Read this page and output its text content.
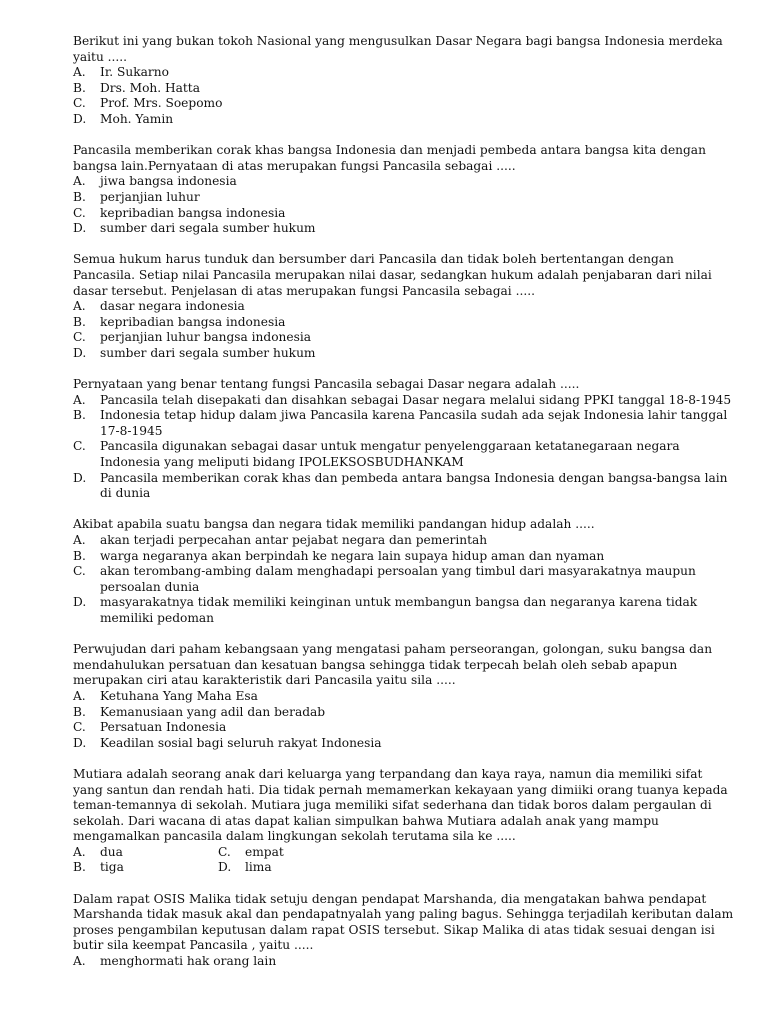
Berikut ini yang bukan tokoh Nasional yang mengusulkan Dasar Negara bagi bangsa Indonesia merdeka yaitu .....

A.	Ir. Sukarno
B.	Drs. Moh. Hatta
C.	Prof. Mrs. Soepomo
D.	Moh. Yamin

Pancasila memberikan corak khas bangsa Indonesia dan menjadi pembeda antara bangsa kita dengan bangsa lain.Pernyataan di atas merupakan fungsi Pancasila sebagai .....

A.	jiwa bangsa indonesia
B.	perjanjian luhur
C.	kepribadian bangsa indonesia
D.	sumber dari segala sumber hukum

Semua hukum harus tunduk dan bersumber dari Pancasila dan tidak boleh bertentangan dengan Pancasila. Setiap nilai Pancasila merupakan nilai dasar, sedangkan hukum adalah penjabaran dari nilai dasar tersebut. Penjelasan di atas merupakan fungsi Pancasila sebagai .....

A.	dasar negara indonesia
B.	kepribadian bangsa indonesia
C.	perjanjian luhur bangsa indonesia
D.	sumber dari segala sumber hukum

Pernyataan yang benar tentang fungsi Pancasila sebagai Dasar negara adalah .....

A.	Pancasila telah disepakati dan disahkan sebagai Dasar negara melalui sidang PPKI tanggal 18-8-1945
B.	Indonesia tetap hidup dalam jiwa Pancasila karena Pancasila sudah ada sejak Indonesia lahir tanggal 17-8-1945
C.	Pancasila digunakan sebagai dasar untuk mengatur penyelenggaraan ketatanegaraan negara Indonesia yang meliputi bidang IPOLEKSOSBUDHANKAM
D.	Pancasila memberikan corak khas dan pembeda antara bangsa Indonesia dengan bangsa-bangsa lain di dunia

Akibat apabila suatu bangsa dan negara tidak memiliki pandangan hidup adalah .....

A.	akan terjadi perpecahan antar pejabat negara dan pemerintah
B.	warga negaranya akan berpindah ke negara lain supaya hidup aman dan nyaman
C.	akan terombang-ambing dalam menghadapi persoalan yang timbul dari masyarakatnya maupun persoalan dunia
D.	masyarakatnya tidak memiliki keinginan untuk membangun bangsa dan negaranya karena tidak memiliki pedoman

Perwujudan dari paham kebangsaan yang mengatasi paham perseorangan, golongan, suku bangsa dan mendahulukan persatuan dan kesatuan bangsa sehingga tidak terpecah belah oleh sebab apapun merupakan ciri atau karakteristik dari Pancasila yaitu sila .....

A.	Ketuhana Yang Maha Esa
B.	Kemanusiaan yang adil dan beradab
C.	Persatuan Indonesia
D.	Keadilan sosial bagi seluruh rakyat Indonesia

Mutiara adalah seorang anak dari keluarga yang terpandang dan kaya raya, namun dia memiliki sifat yang santun dan rendah hati. Dia tidak pernah memamerkan kekayaan yang dimiiki orang tuanya kepada teman-temannya di sekolah. Mutiara juga memiliki sifat sederhana dan tidak boros dalam pergaulan di sekolah. Dari wacana di atas dapat kalian simpulkan bahwa Mutiara adalah anak yang mampu mengamalkan pancasila dalam lingkungan sekolah terutama sila ke .....

A.	dua	C.	empat
B.	tiga	D.	lima

Dalam rapat OSIS Malika tidak setuju dengan pendapat Marshanda, dia mengatakan bahwa pendapat Marshanda tidak masuk akal dan pendapatnyalah yang paling bagus. Sehingga terjadilah keributan dalam proses pengambilan keputusan dalam rapat OSIS tersebut. Sikap Malika di atas tidak sesuai dengan isi butir sila keempat Pancasila , yaitu .....

A.	menghormati hak orang lain
